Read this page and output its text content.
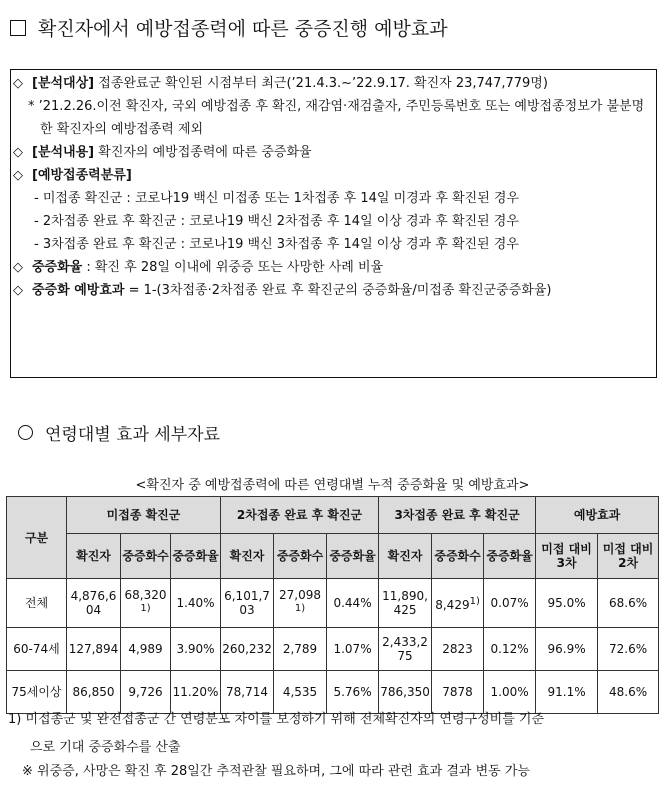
확진자에서 예방접종력에 따른 중증진행 예방효과

◇ [분석대상] 접종완료군 확인된 시점부터 최근(’21.4.3.~’22.9.17. 확진자 23,747,779명)

* ’21.2.26.이전 확진자, 국외 예방접종 후 확진, 재감염·재검출자, 주민등록번호 또는 예방접종정보가 불분명한 확진자의 예방접종력 제외

◇ [분석내용] 확진자의 예방접종력에 따른 중증화율

◇ [예방접종력분류]

- 미접종 확진군 : 코로나19 백신 미접종 또는 1차접종 후 14일 미경과 후 확진된 경우

- 2차접종 완료 후 확진군 : 코로나19 백신 2차접종 후 14일 이상 경과 후 확진된 경우

- 3차접종 완료 후 확진군 : 코로나19 백신 3차접종 후 14일 이상 경과 후 확진된 경우

◇ 중증화율 : 확진 후 28일 이내에 위중증 또는 사망한 사례 비율

◇ 중증화 예방효과 = 1-(3차접종·2차접종 완료 후 확진군의 중증화율/미접종 확진군중증화율)

연령대별 효과 세부자료
<확진자 중 예방접종력에 따른 연령대별 누적 중증화율 및 예방효과>
구분	미접종 확진군			2차접종 완료 후 확진군			3차접종 완료 후 확진군			예방효과	
	확진자	중증화수	중증화율	확진자	중증화수	중증화율	확진자	중증화수	중증화율	미접 대비 3차	미접 대비 2차
전체	4,876,604	68,320$^{1)}$	1.40%	6,101,703	27,098$^{1)}$	0.44%	11,890,425	8,429$^{1)}$	0.07%	95.0%	68.6%
60-74세	127,894	4,989	3.90%	260,232	2,789	1.07%	2,433,275	2823	0.12%	96.9%	72.6%
75세이상	86,850	9,726	11.20%	78,714	4,535	5.76%	786,350	7878	1.00%	91.1%	48.6%

1) 미접종군 및 완전접종군 간 연령분포 차이를 보정하기 위해 전체확진자의 연령구성비를 기준

으로 기대 중증화수를 산출

※ 위중증, 사망은 확진 후 28일간 추적관찰 필요하며, 그에 따라 관련 효과 결과 변동 가능
